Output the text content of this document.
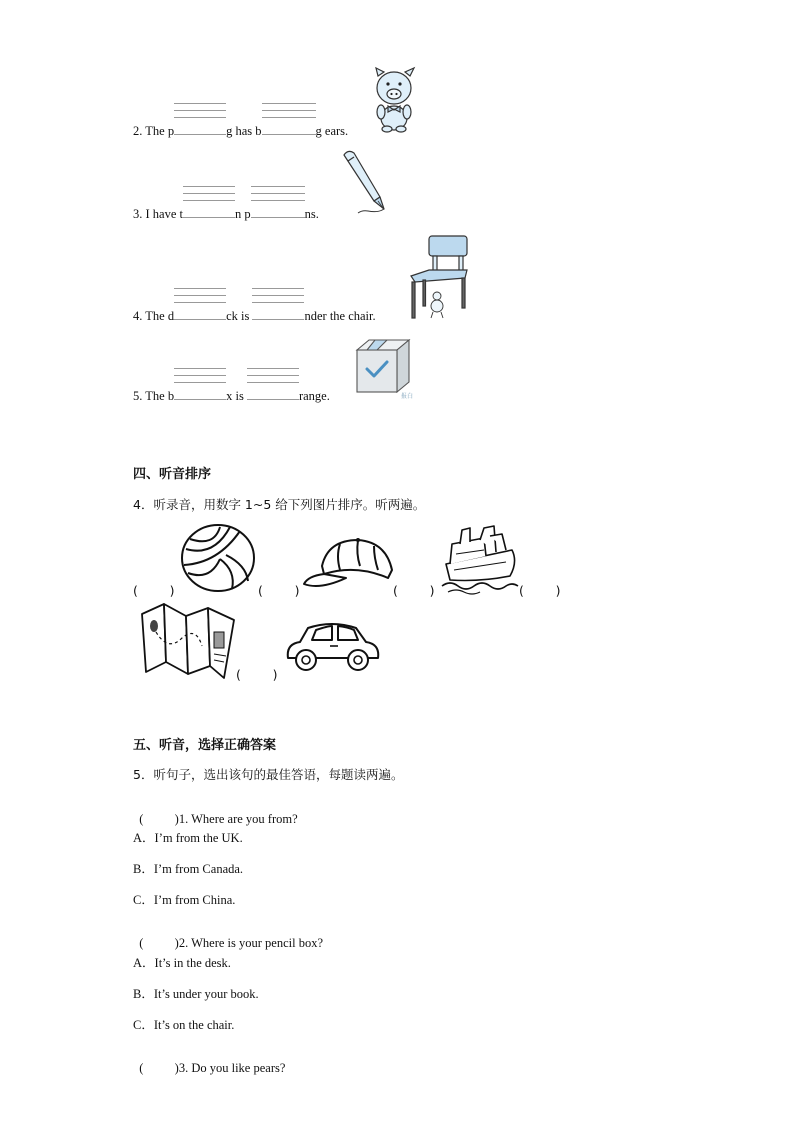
2. The p	g has b	g ears.
3. I have t	n p	ns.
4. The d	ck is	nder the chair.
5. The b	x is	range.	报白
四、听音排序
4．听录音，用数字 1~5 给下列图片排序。听两遍。
(        )	(        )	(        )	(        )
(        )
五、听音，选择正确答案
5．听句子，选出该句的最佳答语，每题读两遍。

(          )1. Where are you from?

A．I’m from the UK.
B．I’m from Canada.
C．I’m from China.

(          )2. Where is your pencil box?

A．It’s in the desk.
B．It’s under your book.
C．It’s on the chair.

(          )3. Do you like pears?
